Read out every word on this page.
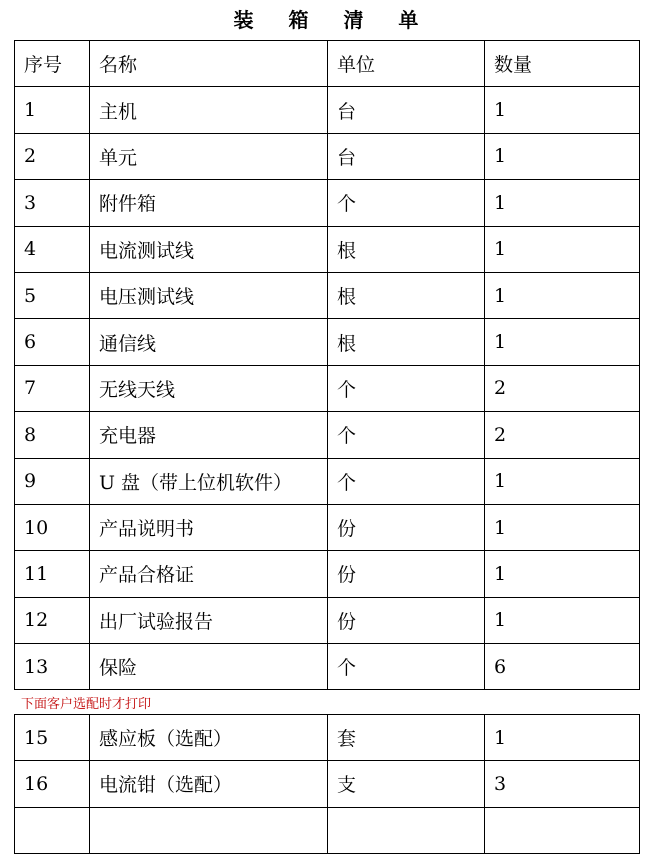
装 箱 清 单
序号	名称	单位	数量
1	主机	台	1
2	单元	台	1
3	附件箱	个	1
4	电流测试线	根	1
5	电压测试线	根	1
6	通信线	根	1
7	无线天线	个	2
8	充电器	个	2
9	U 盘（带上位机软件）	个	1
10	产品说明书	份	1
11	产品合格证	份	1
12	出厂试验报告	份	1
13	保险	个	6
下面客户选配时才打印
15	感应板（选配）	套	1
16	电流钳（选配）	支	3
